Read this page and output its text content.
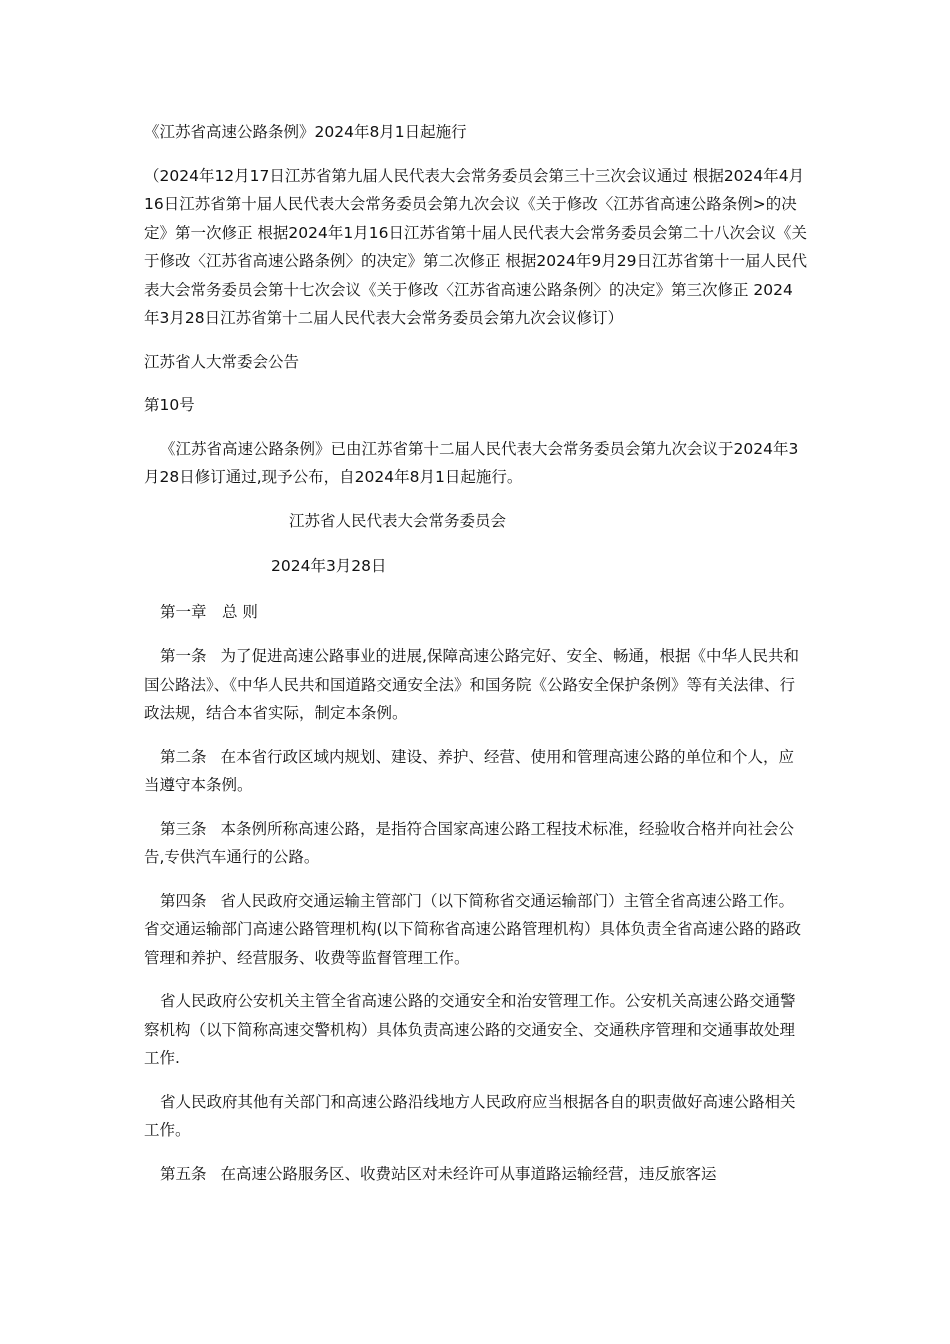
《江苏省高速公路条例》2024年8月1日起施行

（2024年12月17日江苏省第九届人民代表大会常务委员会第三十三次会议通过 根据2024年4月16日江苏省第十届人民代表大会常务委员会第九次会议《关于修改〈江苏省高速公路条例>的决定》第一次修正 根据2024年1月16日江苏省第十届人民代表大会常务委员会第二十八次会议《关于修改〈江苏省高速公路条例〉的决定》第二次修正 根据2024年9月29日江苏省第十一届人民代表大会常务委员会第十七次会议《关于修改〈江苏省高速公路条例〉的决定》第三次修正 2024年3月28日江苏省第十二届人民代表大会常务委员会第九次会议修订）

江苏省人大常委会公告

第10号

《江苏省高速公路条例》已由江苏省第十二届人民代表大会常务委员会第九次会议于2024年3月28日修订通过,现予公布，自2024年8月1日起施行。

江苏省人民代表大会常务委员会

2024年3月28日

第一章　总 则

第一条 为了促进高速公路事业的进展,保障高速公路完好、安全、畅通，根据《中华人民共和国公路法》、《中华人民共和国道路交通安全法》和国务院《公路安全保护条例》等有关法律、行政法规，结合本省实际，制定本条例。

第二条 在本省行政区域内规划、建设、养护、经营、使用和管理高速公路的单位和个人，应当遵守本条例。

第三条 本条例所称高速公路，是指符合国家高速公路工程技术标准，经验收合格并向社会公告,专供汽车通行的公路。

第四条 省人民政府交通运输主管部门（以下简称省交通运输部门）主管全省高速公路工作。省交通运输部门高速公路管理机构(以下简称省高速公路管理机构）具体负责全省高速公路的路政管理和养护、经营服务、收费等监督管理工作。

省人民政府公安机关主管全省高速公路的交通安全和治安管理工作。公安机关高速公路交通警察机构（以下简称高速交警机构）具体负责高速公路的交通安全、交通秩序管理和交通事故处理工作.

省人民政府其他有关部门和高速公路沿线地方人民政府应当根据各自的职责做好高速公路相关工作。

第五条 在高速公路服务区、收费站区对未经许可从事道路运输经营，违反旅客运
